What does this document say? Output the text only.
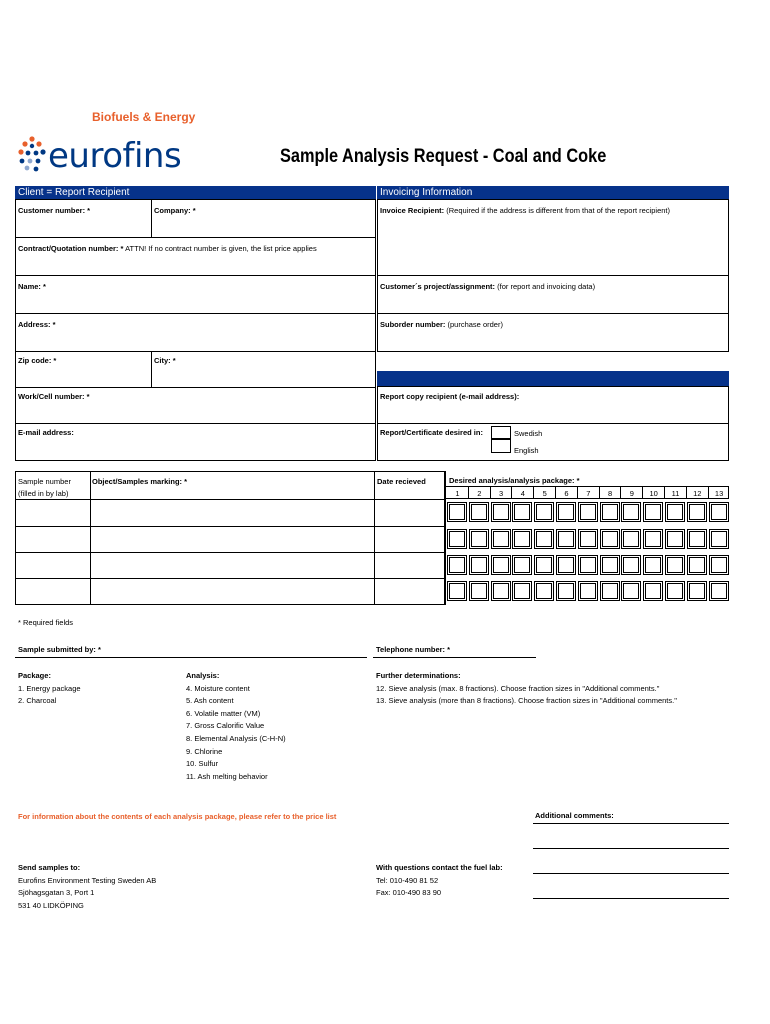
Biofuels & Energy
eurofins	Sample Analysis Request - Coal and Coke
Client = Report Recipient	Invoicing Information
Customer number: *	Company: *
Contract/Quotation number: * ATTN! If no contract number is given, the list price applies
Name: *
Address: *
Zip code: *	City: *
Work/Cell number: *
E-mail address:
Invoice Recipient: (Required if the address is different from that of the report recipient)
Customer´s project/assignment: (for report and invoicing data)
Suborder number: (purchase order)
Report copy recipient (e-mail address):
Report/Certificate desired in:	Swedish
English
Sample number
(filled in by lab)
Object/Samples marking: *	Date recieved	Desired analysis/analysis package: *
1	2	3	4	5	6	7	8	9	10	11	12	13
* Required fields
Sample submitted by: *	Telephone number: *
Package:
1. Energy package
2. Charcoal
Analysis:
4. Moisture content
5. Ash content
6. Volatile matter (VM)
7. Gross Calorific Value
8. Elemental Analysis (C-H-N)
9. Chlorine
10. Sulfur
11. Ash melting behavior
Further determinations:
12. Sieve analysis (max. 8 fractions). Choose fraction sizes in "Additional comments."
13. Sieve analysis (more than 8 fractions). Choose fraction sizes in "Additional comments."
For information about the contents of each analysis package, please refer to the price list	Additional comments:
Send samples to:
Eurofins Environment Testing Sweden AB
Sjöhagsgatan 3, Port 1
531 40 LIDKÖPING
With questions contact the fuel lab:
Tel: 010-490 81 52
Fax: 010-490 83 90
